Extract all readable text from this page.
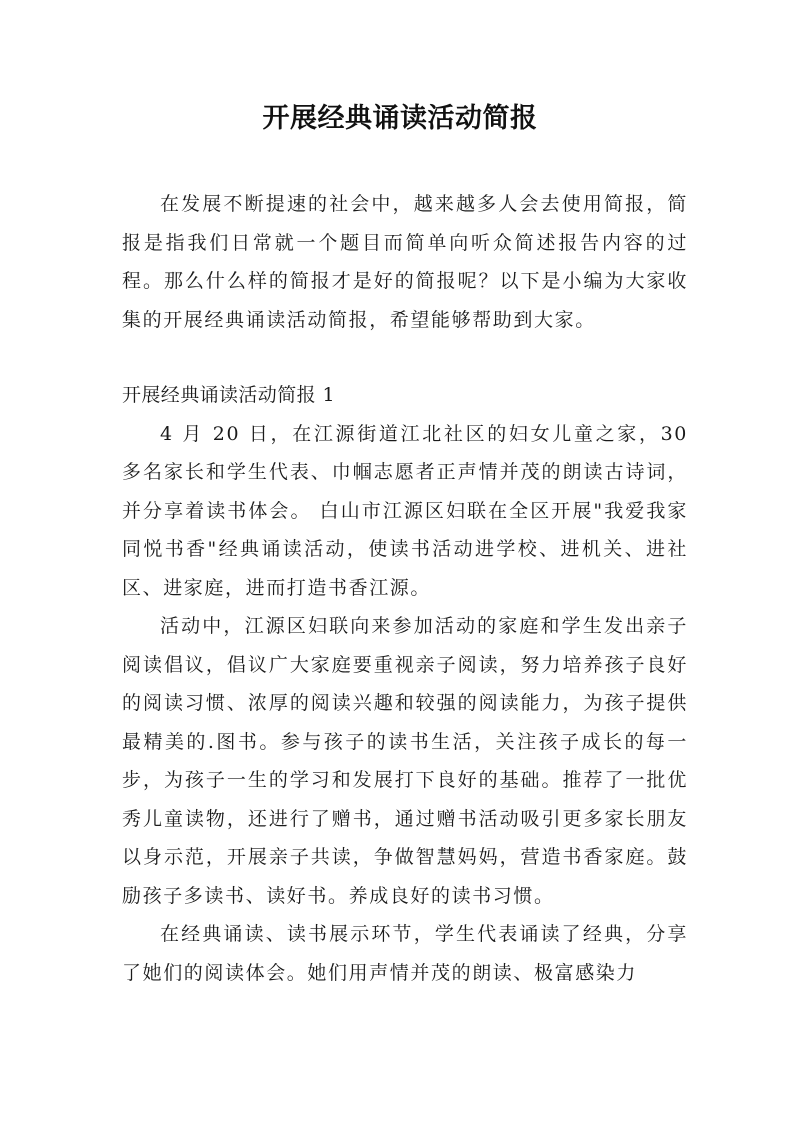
开展经典诵读活动简报

在发展不断提速的社会中，越来越多人会去使用简报，简报是指我们日常就一个题目而简单向听众简述报告内容的过程。那么什么样的简报才是好的简报呢？以下是小编为大家收集的开展经典诵读活动简报，希望能够帮助到大家。

开展经典诵读活动简报 1

4 月 20 日，在江源街道江北社区的妇女儿童之家，30 多名家长和学生代表、巾帼志愿者正声情并茂的朗读古诗词，并分享着读书体会。 白山市江源区妇联在全区开展"我爱我家 同悦书香"经典诵读活动，使读书活动进学校、进机关、进社区、进家庭，进而打造书香江源。

活动中，江源区妇联向来参加活动的家庭和学生发出亲子阅读倡议，倡议广大家庭要重视亲子阅读，努力培养孩子良好的阅读习惯、浓厚的阅读兴趣和较强的阅读能力，为孩子提供最精美的.图书。参与孩子的读书生活，关注孩子成长的每一步，为孩子一生的学习和发展打下良好的基础。推荐了一批优秀儿童读物，还进行了赠书，通过赠书活动吸引更多家长朋友以身示范，开展亲子共读，争做智慧妈妈，营造书香家庭。鼓励孩子多读书、读好书。养成良好的读书习惯。

在经典诵读、读书展示环节，学生代表诵读了经典，分享了她们的阅读体会。她们用声情并茂的朗读、极富感染力
